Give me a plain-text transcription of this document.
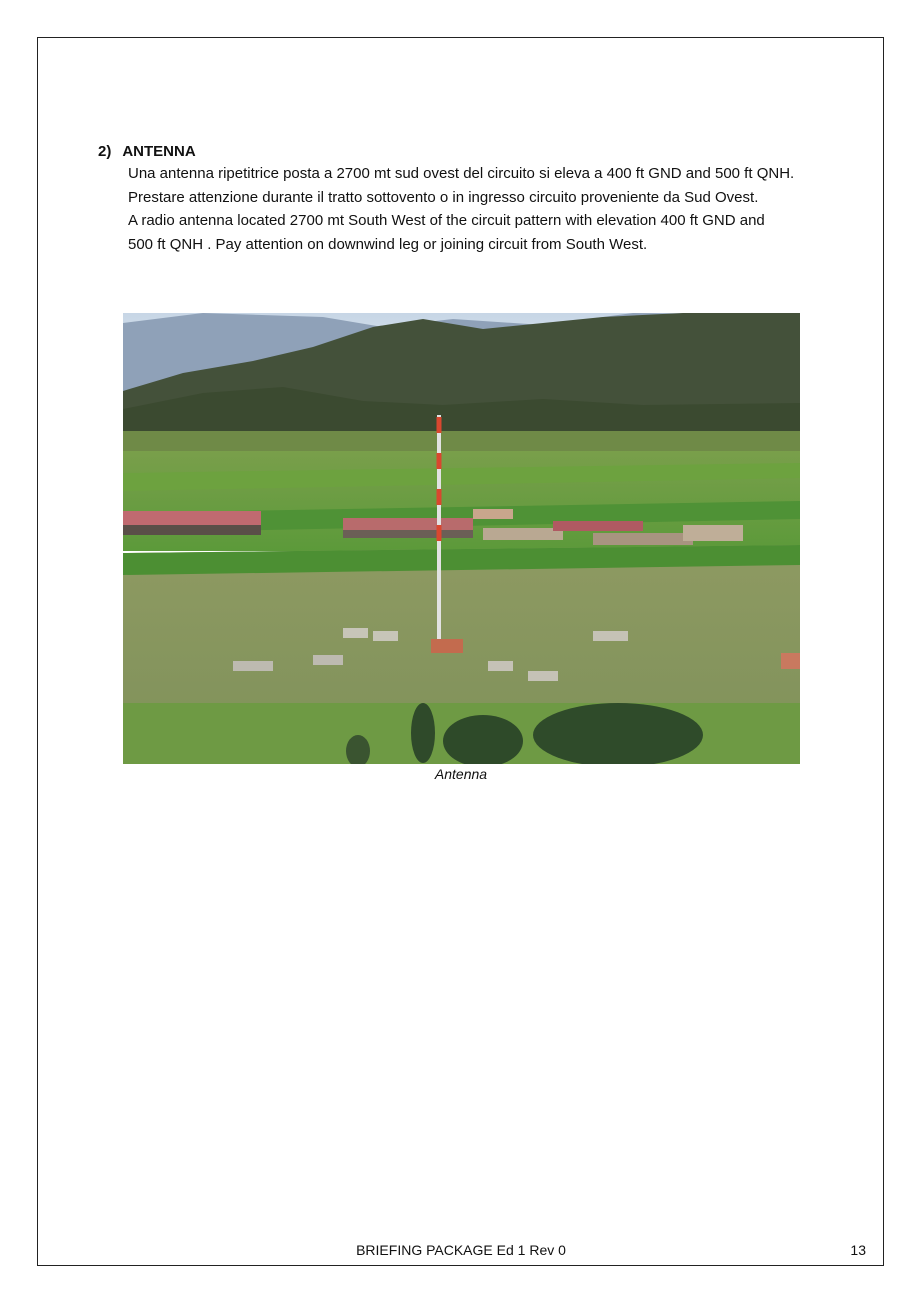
2) ANTENNA
Una antenna ripetitrice posta a 2700 mt sud ovest del circuito si eleva a 400 ft GND and 500 ft QNH.
Prestare attenzione durante il tratto sottovento o in ingresso circuito proveniente da Sud Ovest.
A radio antenna located 2700 mt South West of the circuit pattern with elevation 400 ft GND and
500 ft QNH . Pay attention on downwind leg or joining circuit from South West.
Antenna
BRIEFING PACKAGE Ed 1 Rev 0	13
